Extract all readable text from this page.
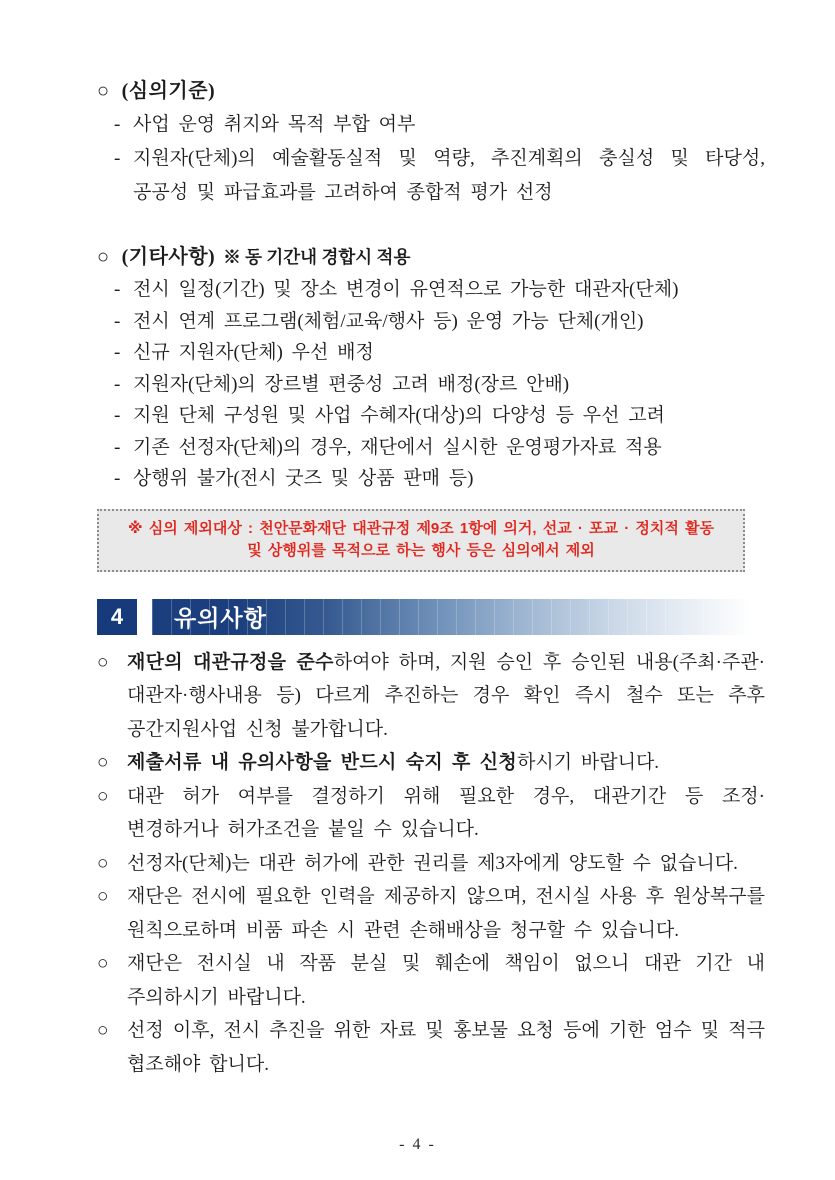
○ (심의기준)

- 사업 운영 취지와 목적 부합 여부

- 지원자(단체)의 예술활동실적 및 역량, 추진계획의 충실성 및 타당성, 공공성 및 파급효과를 고려하여 종합적 평가 선정

○ (기타사항) ※ 동 기간내 경합시 적용

- 전시 일정(기간) 및 장소 변경이 유연적으로 가능한 대관자(단체)

- 전시 연계 프로그램(체험/교육/행사 등) 운영 가능 단체(개인)

- 신규 지원자(단체) 우선 배정

- 지원자(단체)의 장르별 편중성 고려 배정(장르 안배)

- 지원 단체 구성원 및 사업 수혜자(대상)의 다양성 등 우선 고려

- 기존 선정자(단체)의 경우, 재단에서 실시한 운영평가자료 적용

- 상행위 불가(전시 굿즈 및 상품 판매 등)

※ 심의 제외대상 : 천안문화재단 대관규정 제9조 1항에 의거, 선교 · 포교 · 정치적 활동
및 상행위를 목적으로 하는 행사 등은 심의에서 제외
4	유의사항

○ 재단의 대관규정을 준수하여야 하며, 지원 승인 후 승인된 내용(주최·주관·대관자·행사내용 등) 다르게 추진하는 경우 확인 즉시 철수 또는 추후 공간지원사업 신청 불가합니다.

○ 제출서류 내 유의사항을 반드시 숙지 후 신청하시기 바랍니다.

○ 대관 허가 여부를 결정하기 위해 필요한 경우, 대관기간 등 조정·변경하거나 허가조건을 붙일 수 있습니다.

○ 선정자(단체)는 대관 허가에 관한 권리를 제3자에게 양도할 수 없습니다.

○ 재단은 전시에 필요한 인력을 제공하지 않으며, 전시실 사용 후 원상복구를 원칙으로하며 비품 파손 시 관련 손해배상을 청구할 수 있습니다.

○ 재단은 전시실 내 작품 분실 및 훼손에 책임이 없으니 대관 기간 내 주의하시기 바랍니다.

○ 선정 이후, 전시 추진을 위한 자료 및 홍보물 요청 등에 기한 엄수 및 적극 협조해야 합니다.

- 4 -
